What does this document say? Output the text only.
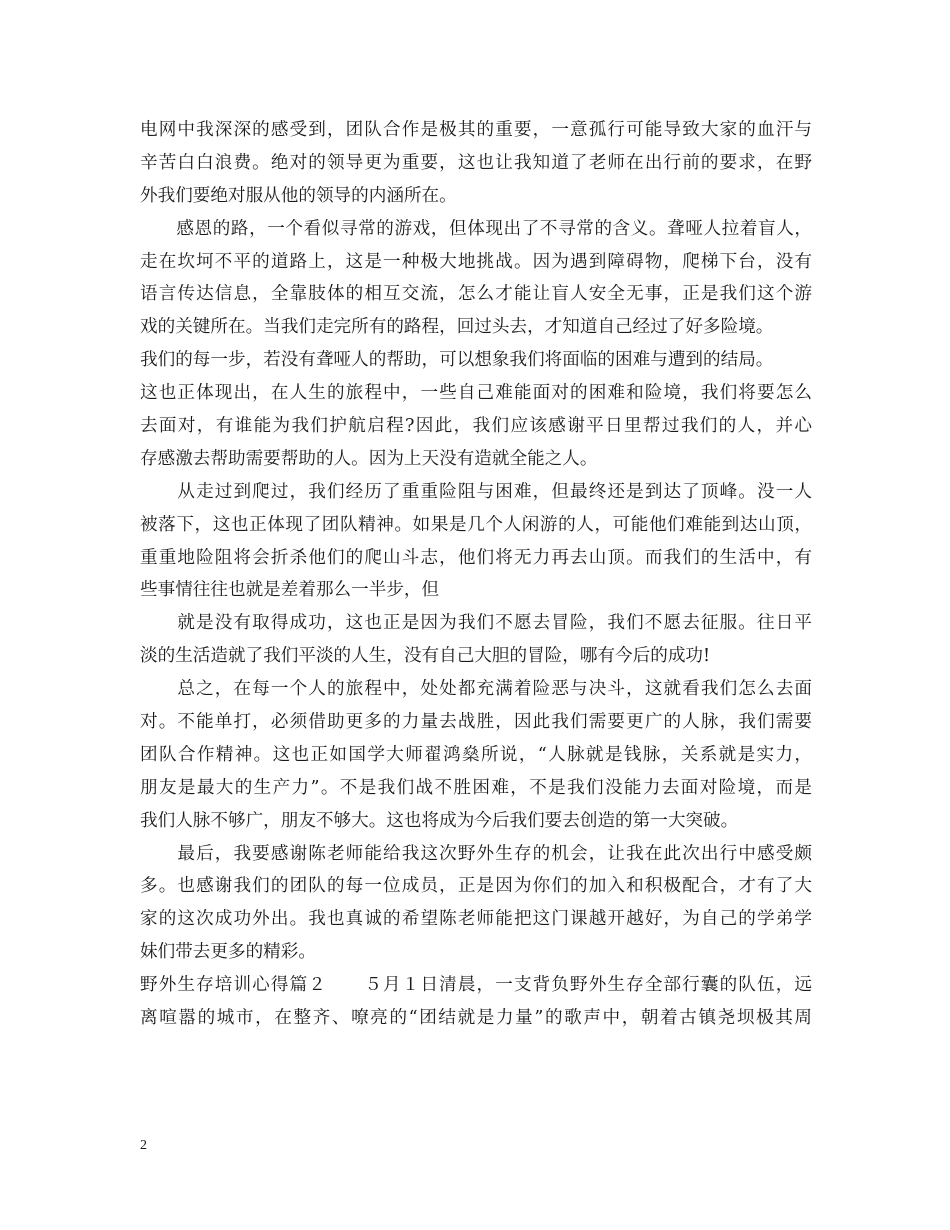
电网中我深深的感受到，团队合作是极其的重要，一意孤行可能导致大家的血汗与
辛苦白白浪费。绝对的领导更为重要，这也让我知道了老师在出行前的要求，在野
外我们要绝对服从他的领导的内涵所在。
　　感恩的路，一个看似寻常的游戏，但体现出了不寻常的含义。聋哑人拉着盲人，
走在坎坷不平的道路上，这是一种极大地挑战。因为遇到障碍物，爬梯下台，没有
语言传达信息，全靠肢体的相互交流，怎么才能让盲人安全无事，正是我们这个游
戏的关键所在。当我们走完所有的路程，回过头去，才知道自己经过了好多险境。
我们的每一步，若没有聋哑人的帮助，可以想象我们将面临的困难与遭到的结局。
这也正体现出，在人生的旅程中，一些自己难能面对的困难和险境，我们将要怎么
去面对，有谁能为我们护航启程?因此，我们应该感谢平日里帮过我们的人，并心
存感激去帮助需要帮助的人。因为上天没有造就全能之人。
　　从走过到爬过，我们经历了重重险阻与困难，但最终还是到达了顶峰。没一人
被落下，这也正体现了团队精神。如果是几个人闲游的人，可能他们难能到达山顶，
重重地险阻将会折杀他们的爬山斗志，他们将无力再去山顶。而我们的生活中，有
些事情往往也就是差着那么一半步，但
　　就是没有取得成功，这也正是因为我们不愿去冒险，我们不愿去征服。往日平
淡的生活造就了我们平淡的人生，没有自己大胆的冒险，哪有今后的成功!
　　总之，在每一个人的旅程中，处处都充满着险恶与决斗，这就看我们怎么去面
对。不能单打，必须借助更多的力量去战胜，因此我们需要更广的人脉，我们需要
团队合作精神。这也正如国学大师翟鸿燊所说，“人脉就是钱脉，关系就是实力，
朋友是最大的生产力”。不是我们战不胜困难，不是我们没能力去面对险境，而是
我们人脉不够广，朋友不够大。这也将成为今后我们要去创造的第一大突破。
　　最后，我要感谢陈老师能给我这次野外生存的机会，让我在此次出行中感受颇
多。也感谢我们的团队的每一位成员，正是因为你们的加入和积极配合，才有了大
家的这次成功外出。我也真诚的希望陈老师能把这门课越开越好，为自己的学弟学
妹们带去更多的精彩。
野外生存培训心得篇２　　５月１日清晨，一支背负野外生存全部行囊的队伍，远
离喧嚣的城市，在整齐、嘹亮的“团结就是力量”的歌声中，朝着古镇尧坝极其周
2
